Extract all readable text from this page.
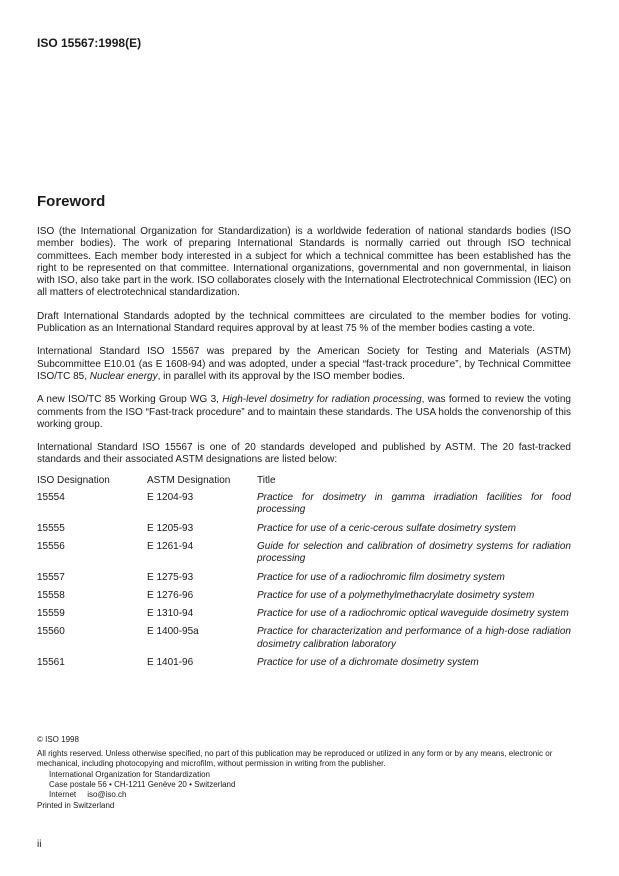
ISO 15567:1998(E)
Foreword

ISO (the International Organization for Standardization) is a worldwide federation of national standards bodies (ISO member bodies). The work of preparing International Standards is normally carried out through ISO technical committees. Each member body interested in a subject for which a technical committee has been established has the right to be represented on that committee. International organizations, governmental and non governmental, in liaison with ISO, also take part in the work. ISO collaborates closely with the International Electrotechnical Commission (IEC) on all matters of electrotechnical standardization.

Draft International Standards adopted by the technical committees are circulated to the member bodies for voting. Publication as an International Standard requires approval by at least 75 % of the member bodies casting a vote.

International Standard ISO 15567 was prepared by the American Society for Testing and Materials (ASTM) Subcommittee E10.01 (as E 1608-94) and was adopted, under a special “fast-track procedure”, by Technical Committee ISO/TC 85, Nuclear energy, in parallel with its approval by the ISO member bodies.

A new ISO/TC 85 Working Group WG 3, High-level dosimetry for radiation processing, was formed to review the voting comments from the ISO “Fast-track procedure” and to maintain these standards. The USA holds the convenorship of this working group.

International Standard ISO 15567 is one of 20 standards developed and published by ASTM. The 20 fast-tracked standards and their associated ASTM designations are listed below:

ISO Designation	ASTM Designation	Title
15554	E 1204-93	Practice for dosimetry in gamma irradiation facilities for food processing
15555	E 1205-93	Practice for use of a ceric-cerous sulfate dosimetry system
15556	E 1261-94	Guide for selection and calibration of dosimetry systems for radiation processing
15557	E 1275-93	Practice for use of a radiochromic film dosimetry system
15558	E 1276-96	Practice for use of a polymethylmethacrylate dosimetry system
15559	E 1310-94	Practice for use of a radiochromic optical waveguide dosimetry system
15560	E 1400-95a	Practice for characterization and performance of a high-dose radiation dosimetry calibration laboratory
15561	E 1401-96	Practice for use of a dichromate dosimetry system
© ISO 1998
All rights reserved. Unless otherwise specified, no part of this publication may be reproduced or utilized in any form or by any means, electronic or mechanical, including photocopying and microfilm, without permission in writing from the publisher.
International Organization for Standardization
Case postale 56 • CH-1211 Genève 20 • Switzerland
Internet     iso@iso.ch
Printed in Switzerland
ii
